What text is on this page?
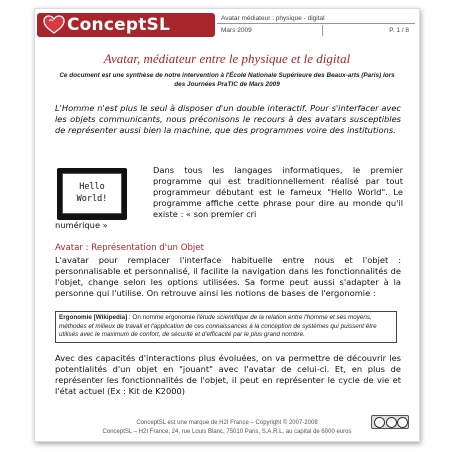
ConceptSL	Avatar médiateur : physique - digital
Mars 2009	P. 1 / 8
Avatar, médiateur entre le physique et le digital
Ce document est une synthèse de notre intervention à l'École Nationale Supérieure des Beaux-arts (Paris) lors des Journées PraTIC de Mars 2009
L'Homme n'est plus le seul à disposer d'un double interactif. Pour s'interfacer avec les objets communicants, nous préconisons le recours à des avatars susceptibles de représenter aussi bien la machine, que des programmes voire des institutions.
Hello
World!
Dans tous les langages informatiques, le premier programme qui est traditionnellement réalisé par tout programmeur débutant est le fameux "Hello World". Le programme affiche cette phrase pour dire au monde qu'il existe : « son premier cri
numérique »
Avatar : Représentation d'un Objet
L'avatar pour remplacer l'interface habituelle entre nous et l'objet : personnalisable et personnalisé, il facilite la navigation dans les fonctionnalités de l'objet, change selon les options utilisées. Sa forme peut aussi s'adapter à la personne qui l'utilise. On retrouve ainsi les notions de bases de l'ergonomie :
Ergonomie [Wikipedia] : On nomme ergonomie l'étude scientifique de la relation entre l'homme et ses moyens, méthodes et milieux de travail et l'application de ces connaissances à la conception de systèmes qui puissent être utilisés avec le maximum de confort, de sécurité et d'efficacité par le plus grand nombre.
Avec des capacités d'interactions plus évoluées, on va permettre de découvrir les potentialités d'un objet en "jouant" avec l'avatar de celui-ci. Et, en plus de représenter les fonctionnalités de l'objet, il peut en représenter le cycle de vie et l'état actuel (Ex : Kit de K2000)
ConceptSL est une marque de H2I France – Copyright © 2007-2008
ConceptSL – H2I France, 24, rue Louis Blanc, 75010 Paris, S.A.R.L. au capital de 6000 euros
